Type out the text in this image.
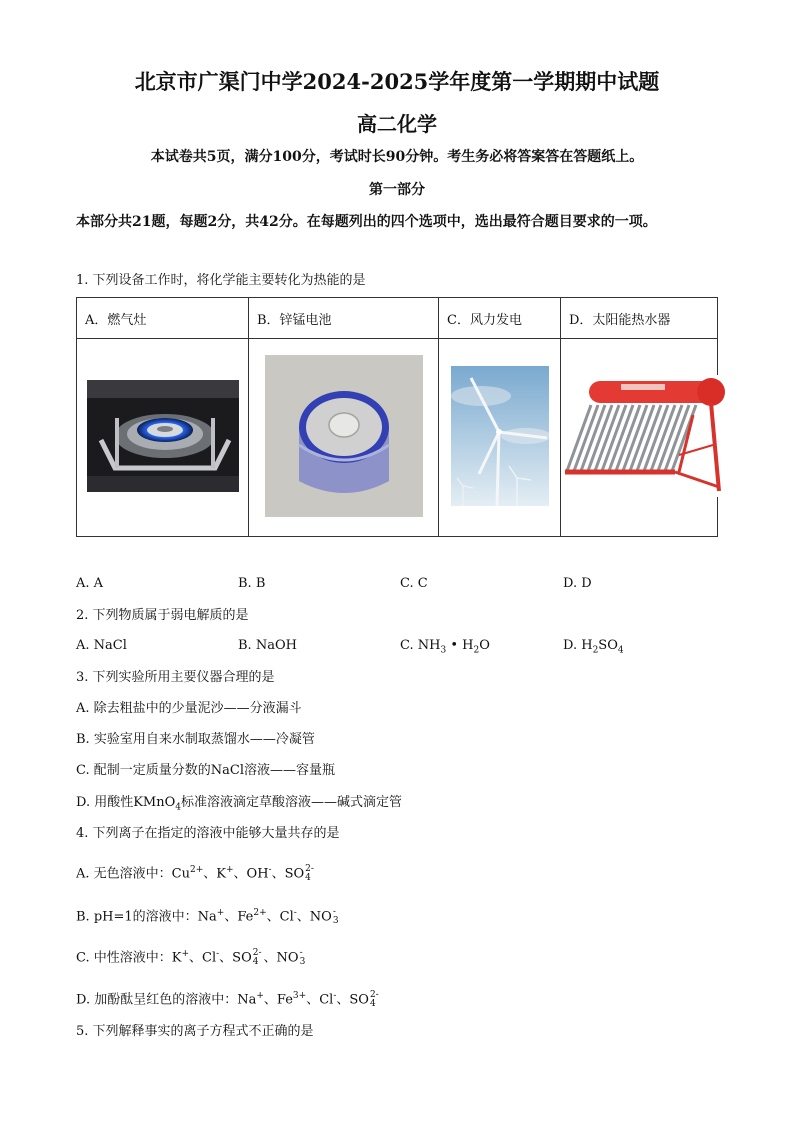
北京市广渠门中学2024-2025学年度第一学期期中试题
高二化学
本试卷共5页，满分100分，考试时长90分钟。考生务必将答案答在答题纸上。
第一部分
本部分共21题，每题2分，共42分。在每题列出的四个选项中，选出最符合题目要求的一项。
1. 下列设备工作时，将化学能主要转化为热能的是
A．燃气灶	B．锌锰电池	C．风力发电	D．太阳能热水器

A. A	B. B	C. C	D. D
2. 下列物质属于弱电解质的是
A. NaCl	B. NaOH	C. $NH_3$ • $H_2O$	D. $H_2SO_4$
3. 下列实验所用主要仪器合理的是
A. 除去粗盐中的少量泥沙——分液漏斗
B. 实验室用自来水制取蒸馏水——冷凝管
C. 配制一定质量分数的NaCl溶液——容量瓶
D. 用酸性KMnO$_4$标准溶液滴定草酸溶液——碱式滴定管
4. 下列离子在指定的溶液中能够大量共存的是
A. 无色溶液中：$Cu^{2+}$、K+、OH-、SO 2-
4
B. pH=1的溶液中：Na+、$Fe^{2+}$、Cl-、NO -
3
C. 中性溶液中：K+、Cl-、SO 2-
4 、NO -
3
D. 加酚酞呈红色的溶液中：Na+、$Fe^{3+}$、Cl-、SO 2-
4
5. 下列解释事实的离子方程式不正确的是
